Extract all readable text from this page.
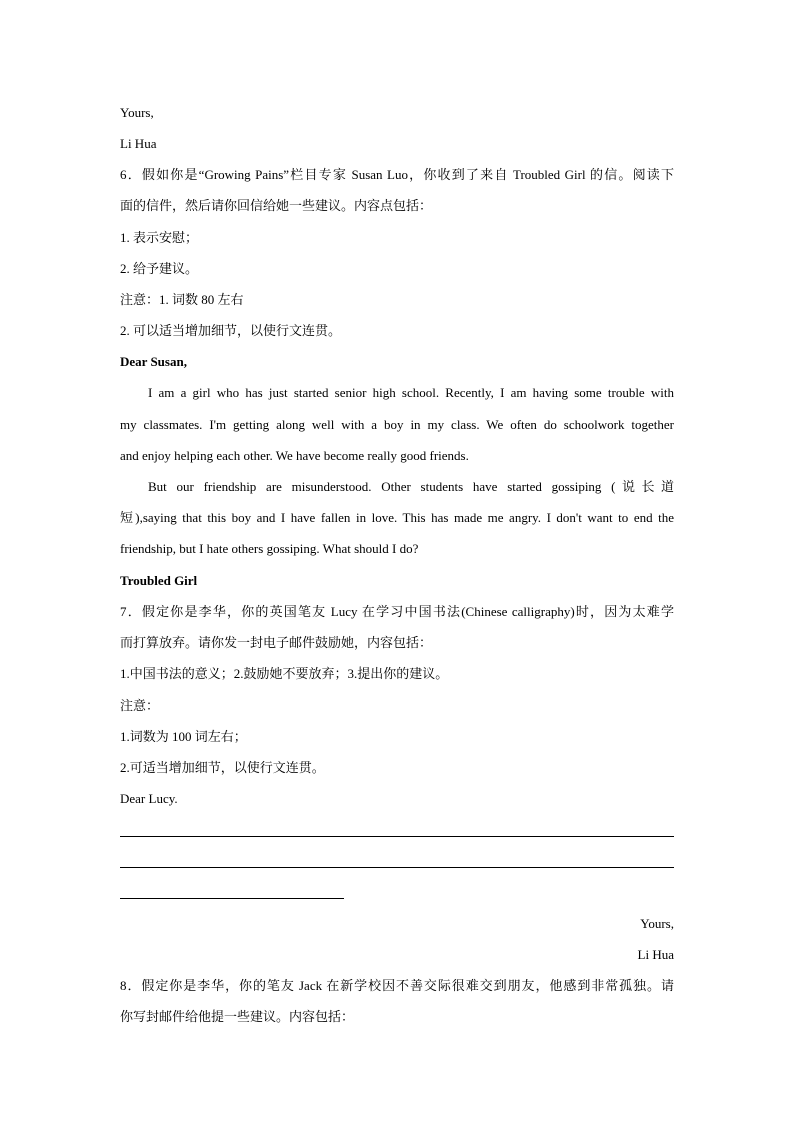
Yours,
Li Hua
6．假如你是“Growing Pains”栏目专家 Susan Luo，你收到了来自 Troubled Girl 的信。阅读下
面的信件，然后请你回信给她一些建议。内容点包括：
1. 表示安慰；
2. 给予建议。
注意：1. 词数 80 左右
2. 可以适当增加细节，以使行文连贯。
Dear Susan,
I am a girl who has just started senior high school. Recently, I am having some trouble with
my classmates. I'm getting along well with a boy in my class. We often do schoolwork together
and enjoy helping each other. We have become really good friends.
But our friendship are misunderstood. Other students have started gossiping (说长道
短),saying that this boy and I have fallen in love. This has made me angry. I don't want to end the
friendship, but I hate others gossiping. What should I do?
Troubled Girl
7．假定你是李华，你的英国笔友 Lucy 在学习中国书法(Chinese calligraphy)时，因为太难学
而打算放弃。请你发一封电子邮件鼓励她，内容包括：
1.中国书法的意义；2.鼓励她不要放弃；3.提出你的建议。
注意：
1.词数为 100 词左右；
2.可适当增加细节，以使行文连贯。
Dear Lucy.
Yours,
Li Hua
8．假定你是李华，你的笔友 Jack 在新学校因不善交际很难交到朋友，他感到非常孤独。请
你写封邮件给他提一些建议。内容包括：
